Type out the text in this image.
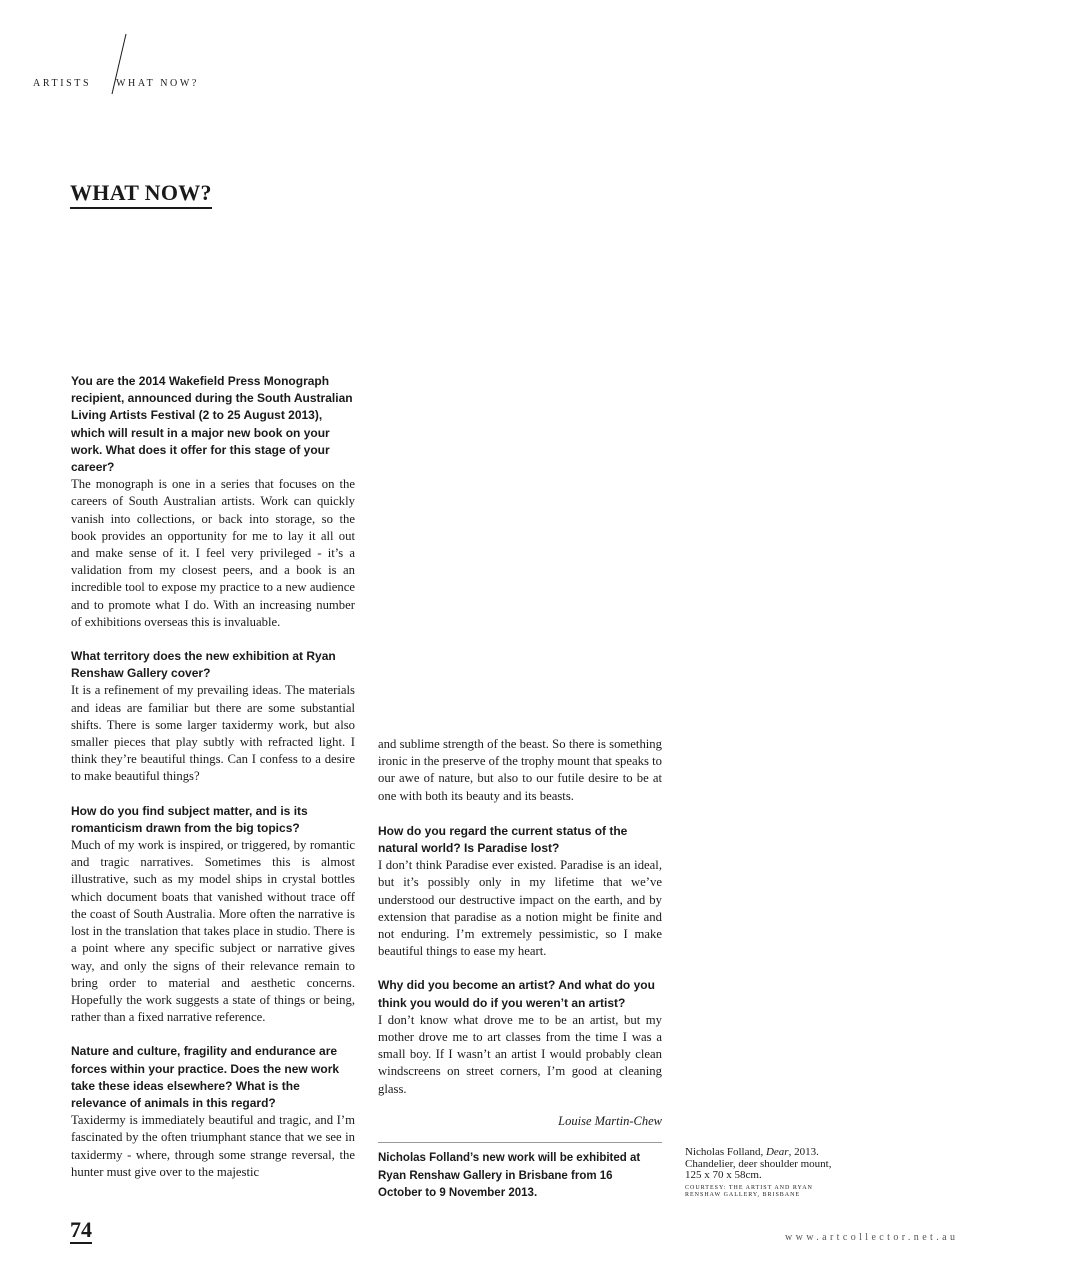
ARTISTS WHAT NOW?
WHAT NOW?

You are the 2014 Wakefield Press Monograph recipient, announced during the South Australian Living Artists Festival (2 to 25 August 2013), which will result in a major new book on your work. What does it offer for this stage of your career?

The monograph is one in a series that focuses on the careers of South Australian artists. Work can quickly vanish into collections, or back into storage, so the book provides an opportunity for me to lay it all out and make sense of it. I feel very privileged - it’s a validation from my closest peers, and a book is an incredible tool to expose my practice to a new audience and to promote what I do. With an increasing number of exhibitions overseas this is invaluable.

What territory does the new exhibition at Ryan Renshaw Gallery cover?

It is a refinement of my prevailing ideas. The materials and ideas are familiar but there are some substantial shifts. There is some larger taxidermy work, but also smaller pieces that play subtly with refracted light. I think they’re beautiful things. Can I confess to a desire to make beautiful things?

How do you find subject matter, and is its romanticism drawn from the big topics?

Much of my work is inspired, or triggered, by romantic and tragic narratives. Sometimes this is almost illustrative, such as my model ships in crystal bottles which document boats that vanished without trace off the coast of South Australia. More often the narrative is lost in the translation that takes place in studio. There is a point where any specific subject or narrative gives way, and only the signs of their relevance remain to bring order to material and aesthetic concerns. Hopefully the work suggests a state of things or being, rather than a fixed narrative reference.

Nature and culture, fragility and endurance are forces within your practice. Does the new work take these ideas elsewhere? What is the relevance of animals in this regard?

Taxidermy is immediately beautiful and tragic, and I’m fascinated by the often triumphant stance that we see in taxidermy - where, through some strange reversal, the hunter must give over to the majestic

and sublime strength of the beast. So there is something ironic in the preserve of the trophy mount that speaks to our awe of nature, but also to our futile desire to be at one with both its beauty and its beasts.

How do you regard the current status of the natural world? Is Paradise lost?

I don’t think Paradise ever existed. Paradise is an ideal, but it’s possibly only in my lifetime that we’ve understood our destructive impact on the earth, and by extension that paradise as a notion might be finite and not enduring. I’m extremely pessimistic, so I make beautiful things to ease my heart.

Why did you become an artist? And what do you think you would do if you weren’t an artist?

I don’t know what drove me to be an artist, but my mother drove me to art classes from the time I was a small boy. If I wasn’t an artist I would probably clean windscreens on street corners, I’m good at cleaning glass.

Louise Martin-Chew
Nicholas Folland’s new work will be exhibited at Ryan Renshaw Gallery in Brisbane from 16 October to 9 November 2013.
Nicholas Folland, Dear, 2013. Chandelier, deer shoulder mount, 125 x 70 x 58cm.
COURTESY: THE ARTIST AND RYAN RENSHAW GALLERY, BRISBANE
74	www.artcollector.net.au
